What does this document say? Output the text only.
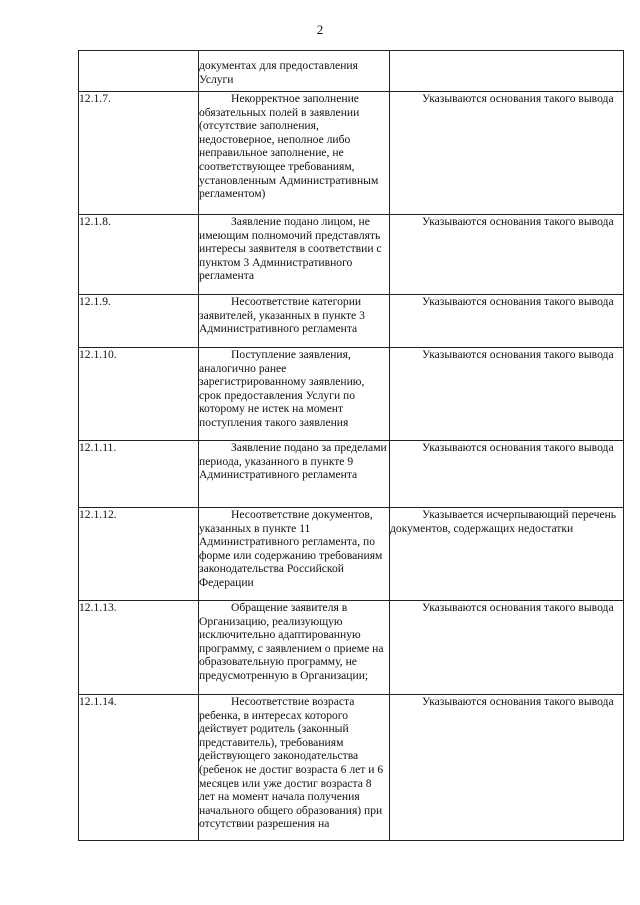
2
	документах для предоставления Услуги	
12.1.7.	Некорректное заполнение обязательных полей в заявлении (отсутствие заполнения, недостоверное, неполное либо неправильное заполнение, не соответствующее требованиям, установленным Административным регламентом)	Указываются основания такого вывода
12.1.8.	Заявление подано лицом, не имеющим полномочий представлять интересы заявителя в соответствии с пунктом 3 Административного регламента	Указываются основания такого вывода
12.1.9.	Несоответствие категории заявителей, указанных в пункте 3 Административного регламента	Указываются основания такого вывода
12.1.10.	Поступление заявления, аналогично ранее зарегистрированному заявлению, срок предоставления Услуги по которому не истек на момент поступления такого заявления	Указываются основания такого вывода
12.1.11.	Заявление подано за пределами периода, указанного в пункте 9 Административного регламента	Указываются основания такого вывода
12.1.12.	Несоответствие документов, указанных в пункте 11 Административного регламента, по форме или содержанию требованиям законодательства Российской Федерации	Указывается исчерпывающий перечень документов, содержащих недостатки
12.1.13.	Обращение заявителя в Организацию, реализующую исключительно адаптированную программу, с заявлением о приеме на образовательную программу, не предусмотренную в Организации;	Указываются основания такого вывода
12.1.14.	Несоответствие возраста ребенка, в интересах которого действует родитель (законный представитель), требованиям действующего законодательства (ребенок не достиг возраста 6 лет и 6 месяцев или уже достиг возраста 8 лет на момент начала получения начального общего образования) при отсутствии разрешения на	Указываются основания такого вывода
